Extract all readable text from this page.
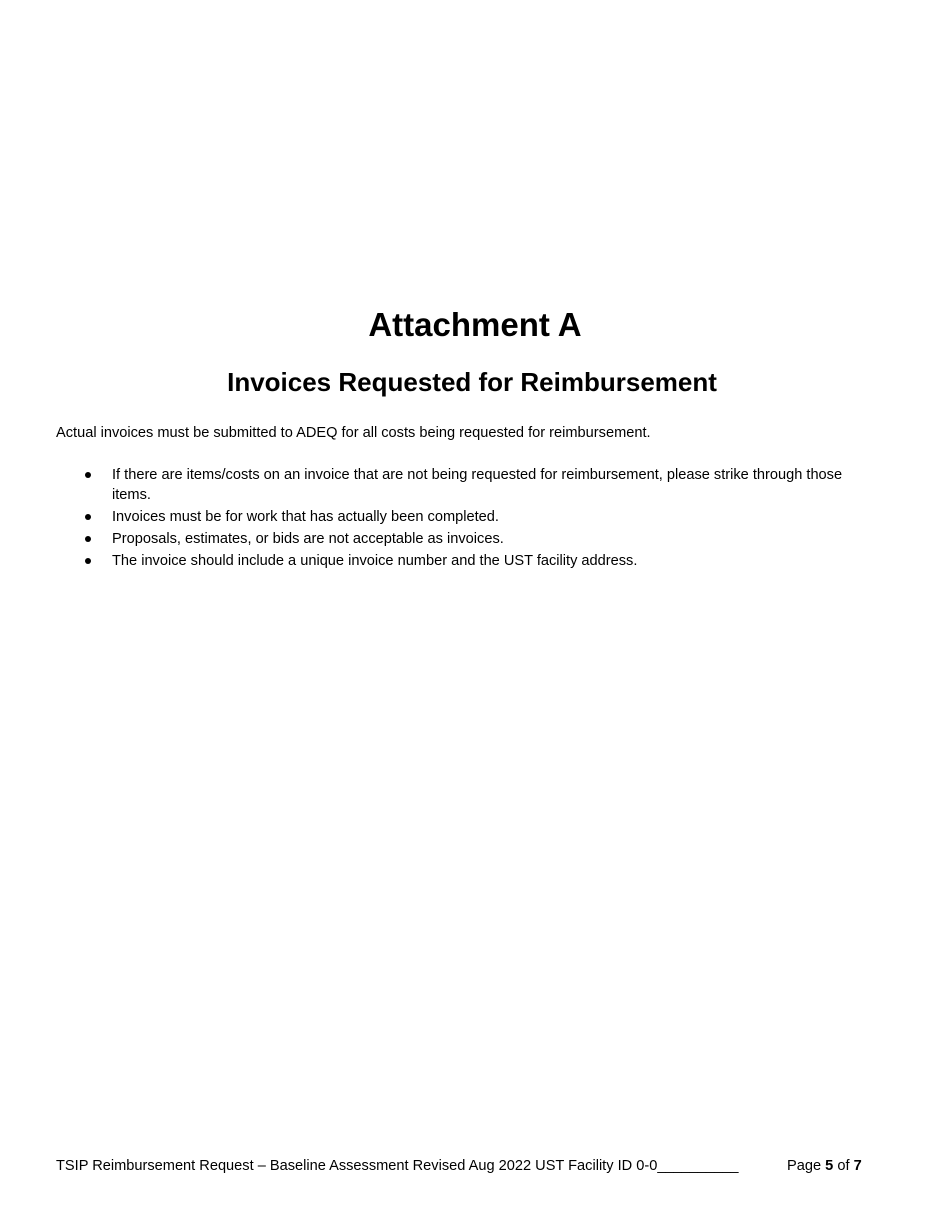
Attachment A
Invoices Requested for Reimbursement

Actual invoices must be submitted to ADEQ for all costs being requested for reimbursement.

If there are items/costs on an invoice that are not being requested for reimbursement, please strike through those items.
Invoices must be for work that has actually been completed.
Proposals, estimates, or bids are not acceptable as invoices.
The invoice should include a unique invoice number and the UST facility address.
TSIP Reimbursement Request – Baseline Assessment Revised Aug 2022 UST Facility ID 0-0__________	Page 5 of 7
